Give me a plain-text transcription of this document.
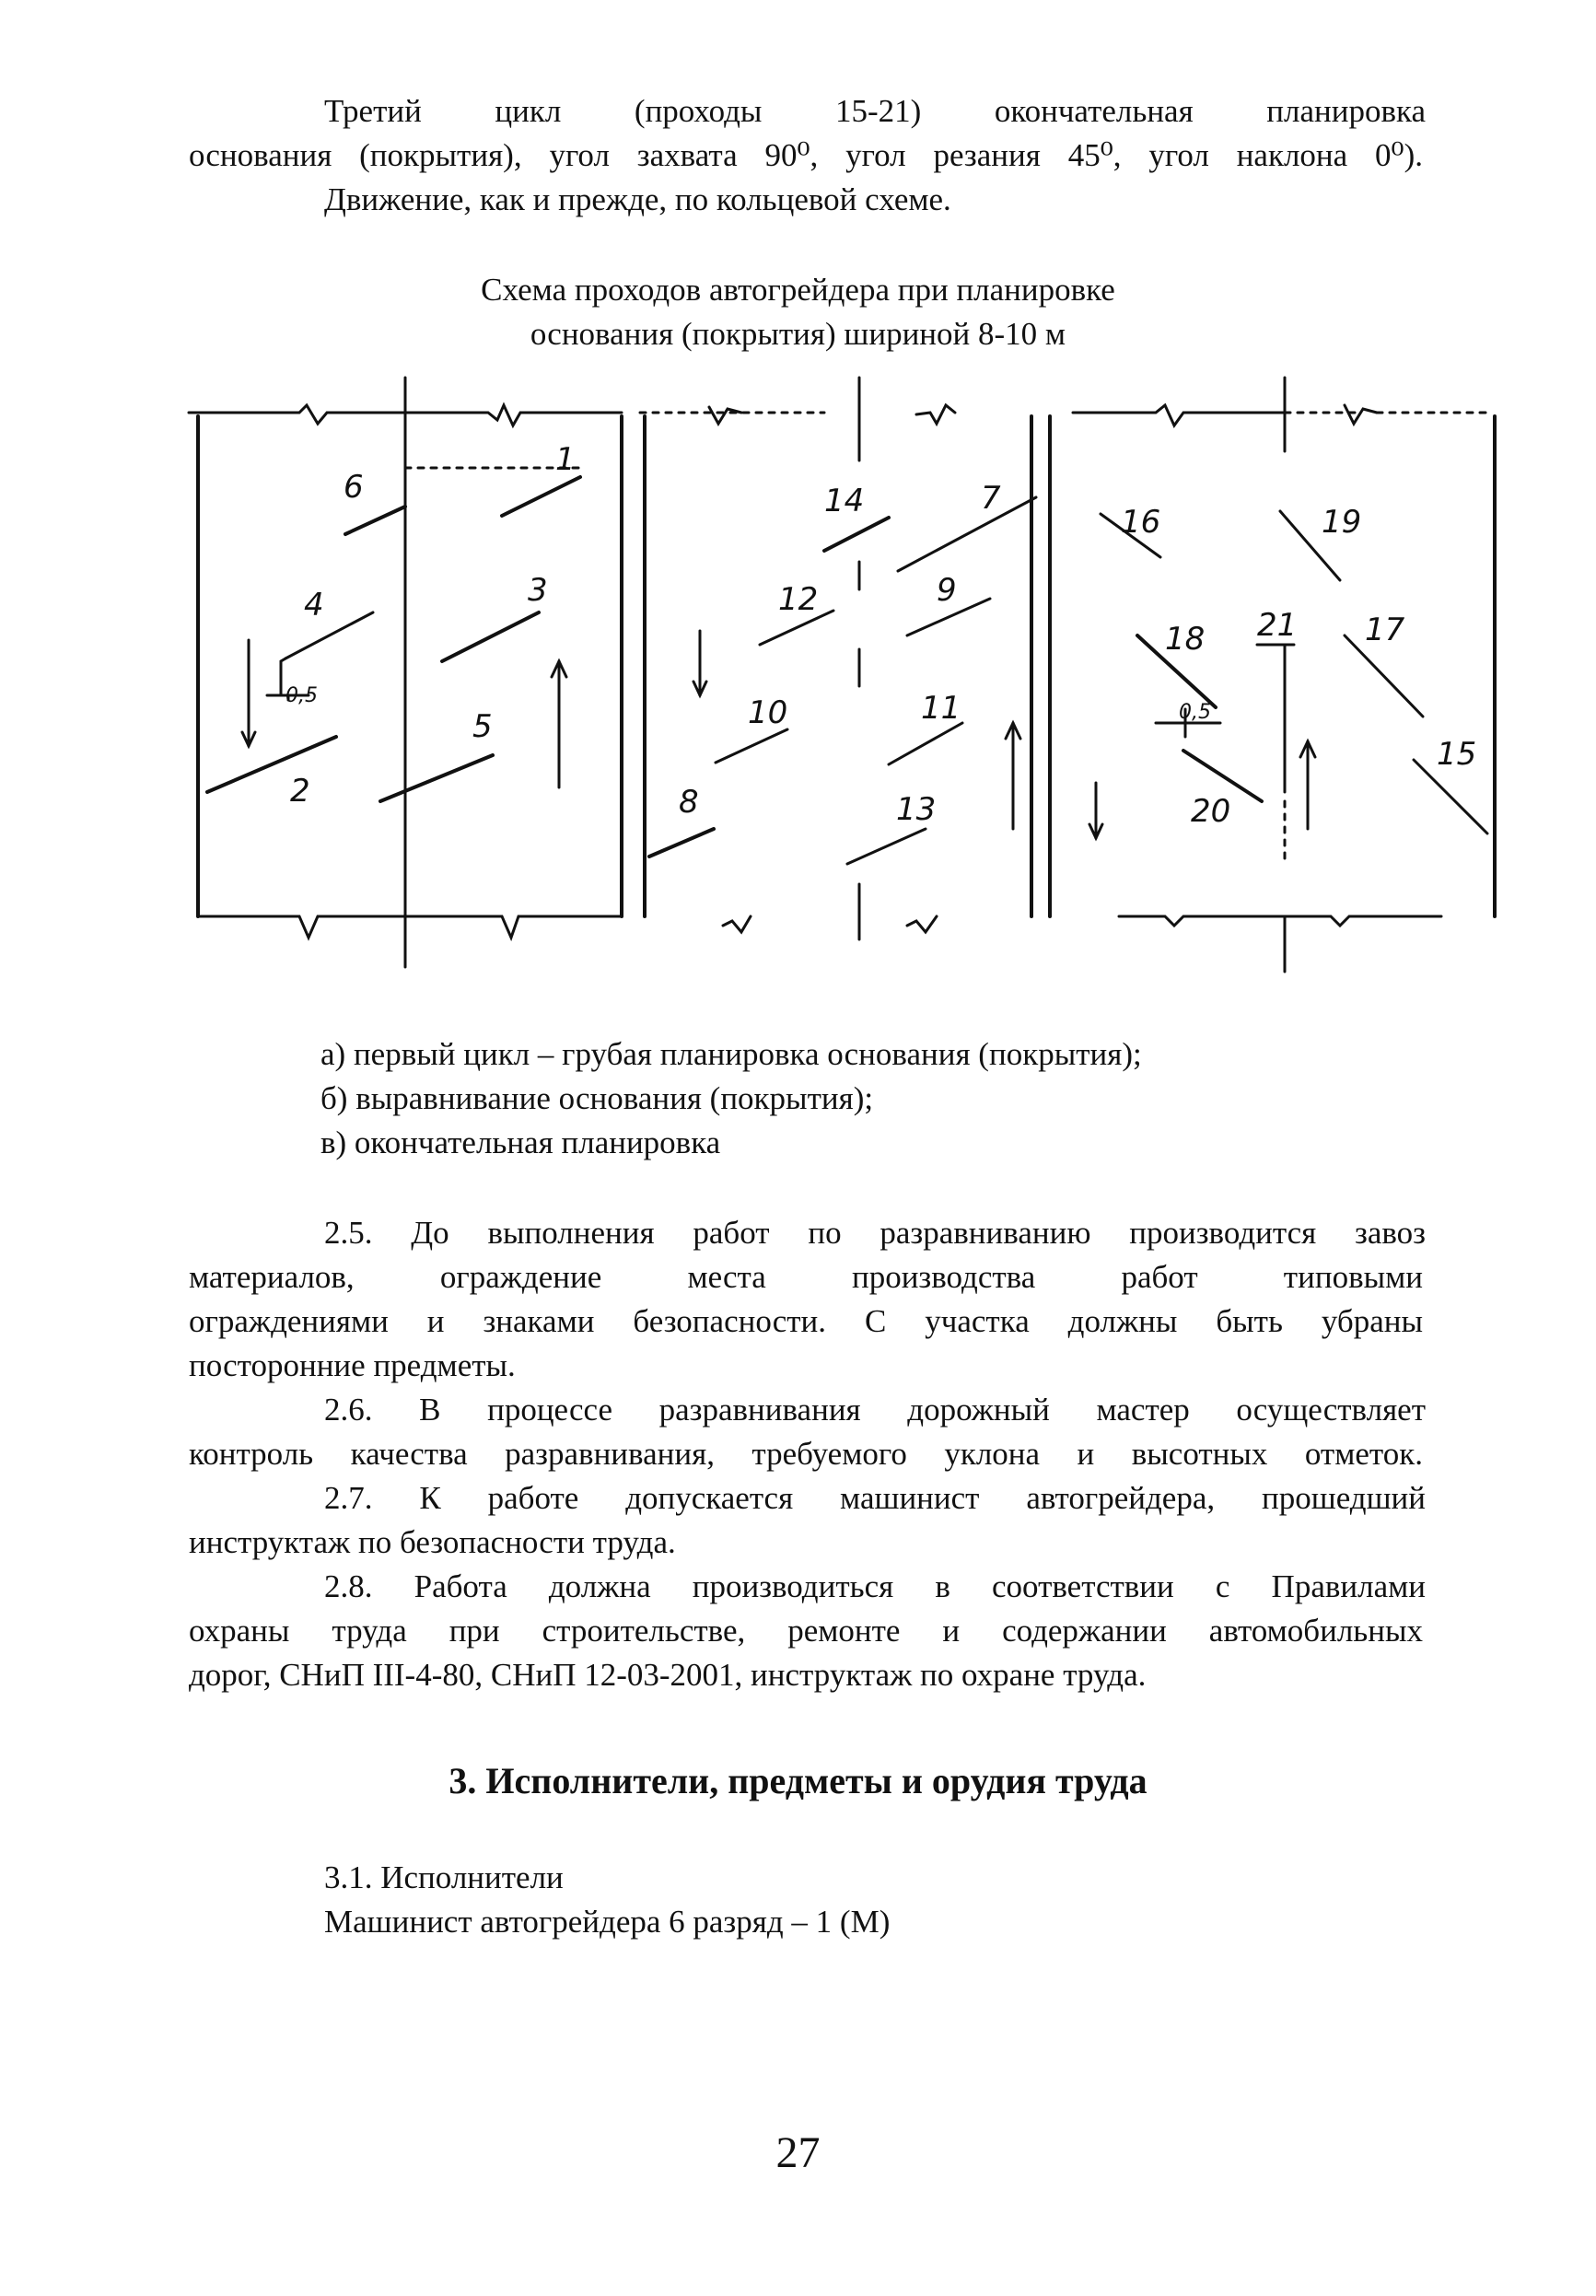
Третий цикл (проходы 15-21) окончательная планировка
основания (покрытия), угол захвата 90⁰, угол резания 45⁰, угол наклона 0⁰).
Движение, как и прежде, по кольцевой схеме.
Схема проходов автогрейдера при планировке
основания (покрытия) шириной 8-10 м
6
1
3
4
2
5
0,5
14	7
12	9
10	11
8	13
16	19
18 21 17
20
15
0,5
а) первый цикл – грубая планировка основания (покрытия);
б) выравнивание основания (покрытия);
в) окончательная планировка
2.5. До выполнения работ по разравниванию производится завоз
материалов, ограждение места производства работ типовыми
ограждениями и знаками безопасности. С участка должны быть убраны
посторонние предметы.
2.6. В процессе разравнивания дорожный мастер осуществляет
контроль качества разравнивания, требуемого уклона и высотных отметок.
2.7. К работе допускается машинист автогрейдера, прошедший
инструктаж по безопасности труда.
2.8. Работа должна производиться в соответствии с Правилами
охраны труда при строительстве, ремонте и содержании автомобильных
дорог, СНиП III-4-80, СНиП 12-03-2001, инструктаж по охране труда.
3. Исполнители, предметы и орудия труда
3.1. Исполнители
Машинист автогрейдера 6 разряд – 1 (М)
27
